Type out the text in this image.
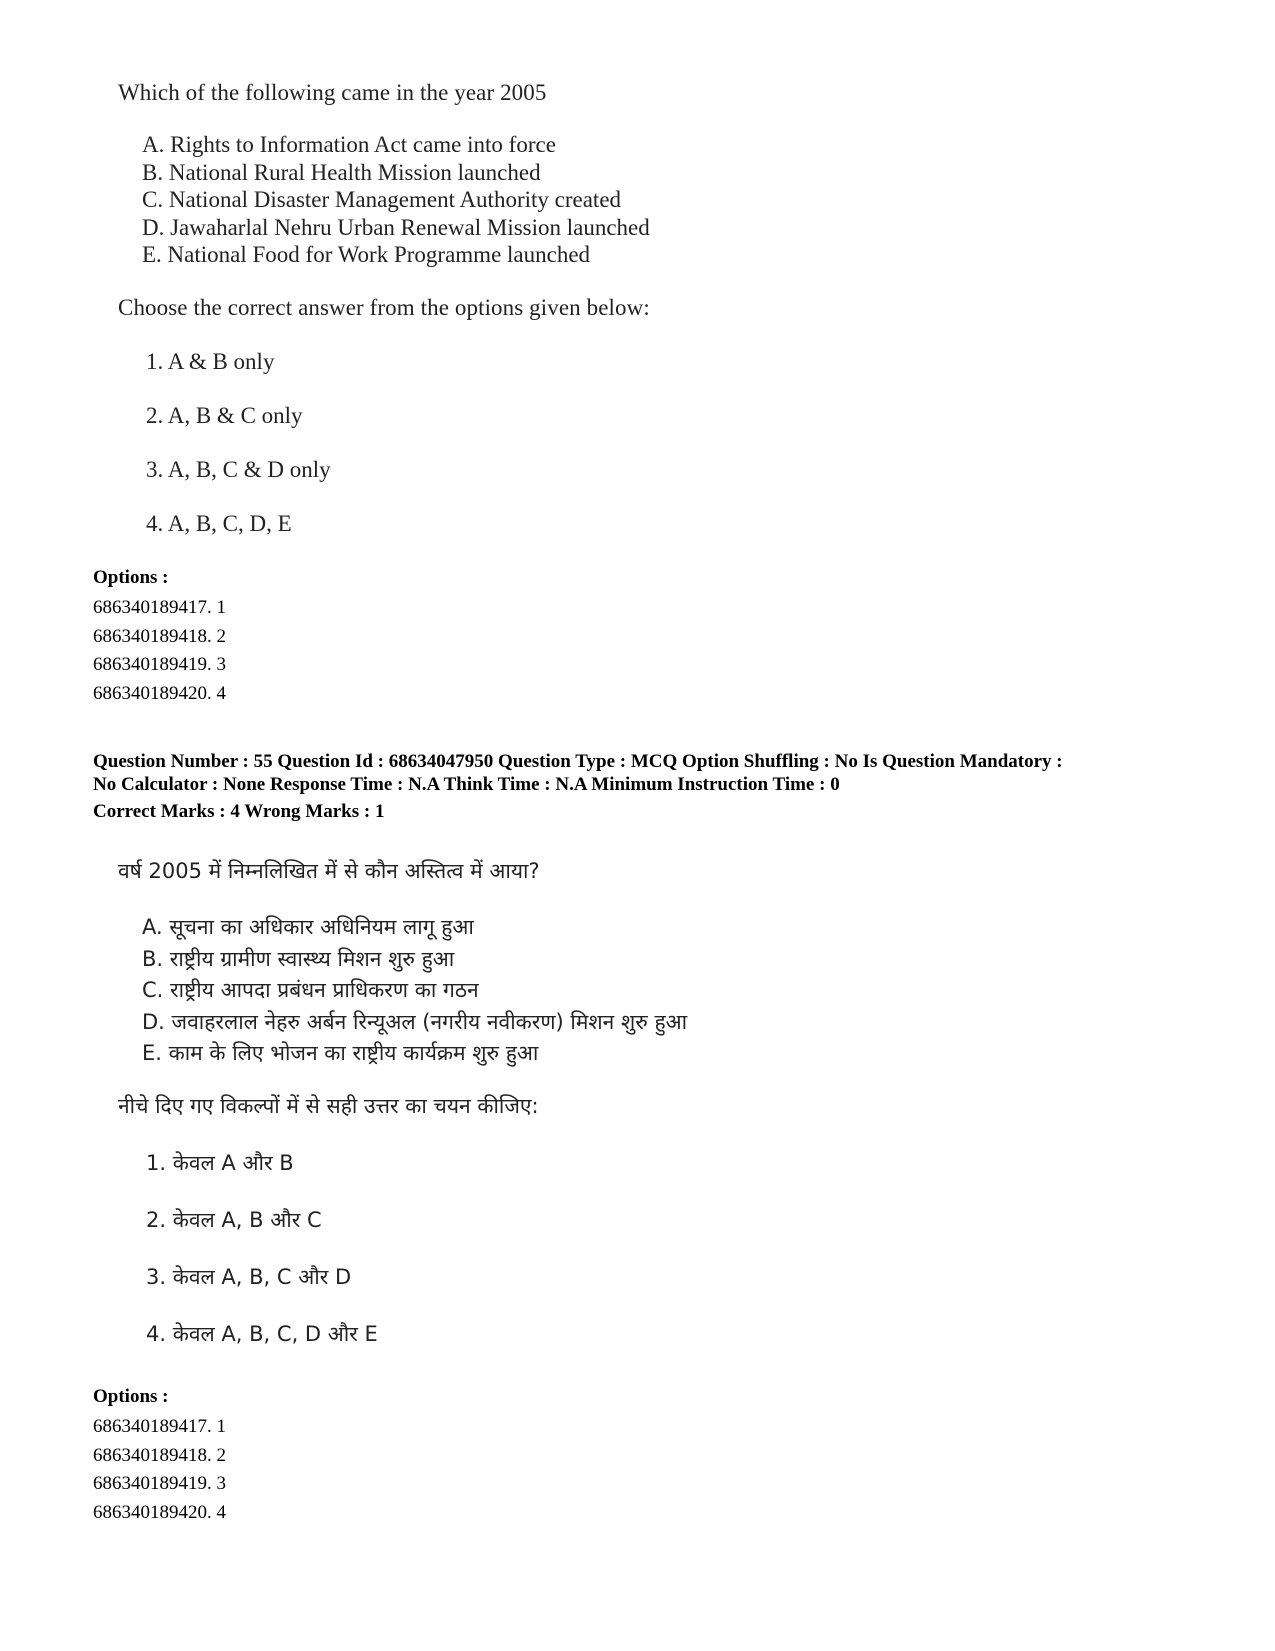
Which of the following came in the year 2005
A. Rights to Information Act came into force
B. National Rural Health Mission launched
C. National Disaster Management Authority created
D. Jawaharlal Nehru Urban Renewal Mission launched
E. National Food for Work Programme launched
Choose the correct answer from the options given below:
1. A & B only
2. A, B & C only
3. A, B, C & D only
4. A, B, C, D, E
Options :
686340189417. 1
686340189418. 2
686340189419. 3
686340189420. 4
Question Number : 55 Question Id : 68634047950 Question Type : MCQ Option Shuffling : No Is Question Mandatory :
No Calculator : None Response Time : N.A Think Time : N.A Minimum Instruction Time : 0
Correct Marks : 4 Wrong Marks : 1
वर्ष 2005 में निम्नलिखित में से कौन अस्तित्व में आया?
A. सूचना का अधिकार अधिनियम लागू हुआ
B. राष्ट्रीय ग्रामीण स्वास्थ्य मिशन शुरु हुआ
C. राष्ट्रीय आपदा प्रबंधन प्राधिकरण का गठन
D. जवाहरलाल नेहरु अर्बन रिन्यूअल (नगरीय नवीकरण) मिशन शुरु हुआ
E. काम के लिए भोजन का राष्ट्रीय कार्यक्रम शुरु हुआ
नीचे दिए गए विकल्पों में से सही उत्तर का चयन कीजिए:
1. केवल A और B
2. केवल A, B और C
3. केवल A, B, C और D
4. केवल A, B, C, D और E
Options :
686340189417. 1
686340189418. 2
686340189419. 3
686340189420. 4
